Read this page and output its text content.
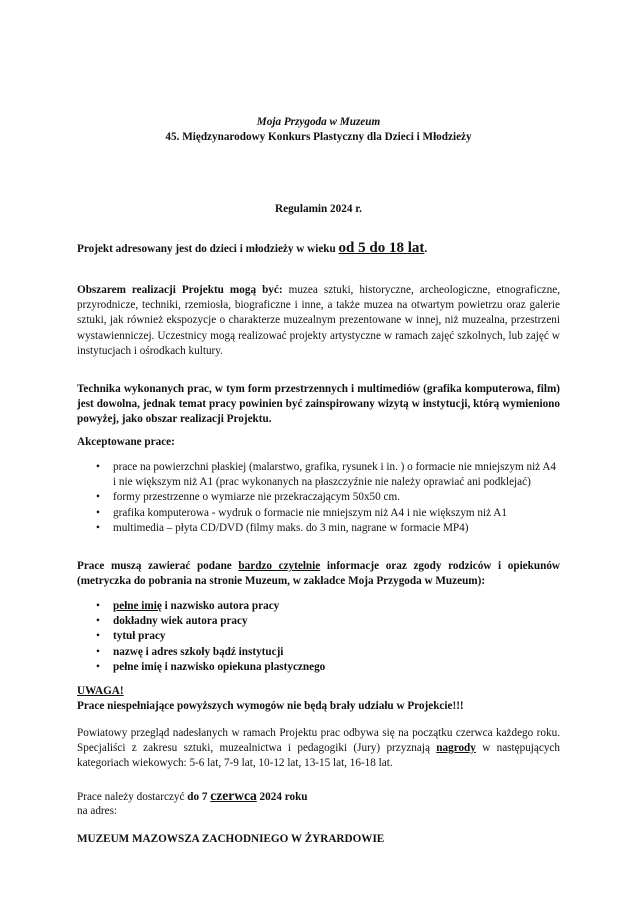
Moja Przygoda w Muzeum
45. Międzynarodowy Konkurs Plastyczny dla Dzieci i Młodzieży
Regulamin 2024 r.
Projekt adresowany jest do dzieci i młodzieży w wieku od 5 do 18 lat.
Obszarem realizacji Projektu mogą być: muzea sztuki, historyczne, archeologiczne, etnograficzne, przyrodnicze, techniki, rzemiosła, biograficzne i inne, a także muzea na otwartym powietrzu oraz galerie sztuki, jak również ekspozycje o charakterze muzealnym prezentowane w innej, niż muzealna, przestrzeni wystawienniczej. Uczestnicy mogą realizować projekty artystyczne w ramach zajęć szkolnych, lub zajęć w instytucjach i ośrodkach kultury.
Technika wykonanych prac, w tym form przestrzennych i multimediów (grafika komputerowa, film) jest dowolna, jednak temat pracy powinien być zainspirowany wizytą w instytucji, którą wymieniono powyżej, jako obszar realizacji Projektu.
Akceptowane prace:
•	prace na powierzchni płaskiej (malarstwo, grafika, rysunek i in. ) o formacie nie mniejszym niż A4 i nie większym niż A1 (prac wykonanych na płaszczyźnie nie należy oprawiać ani podklejać)
•	formy przestrzenne o wymiarze nie przekraczającym 50x50 cm.
•	grafika komputerowa - wydruk o formacie nie mniejszym niż A4 i nie większym niż A1
•	multimedia – płyta CD/DVD (filmy maks. do 3 min, nagrane w formacie MP4)
Prace muszą zawierać podane bardzo czytelnie informacje oraz zgody rodziców i opiekunów (metryczka do pobrania na stronie Muzeum, w zakładce Moja Przygoda w Muzeum):
•	pełne imię i nazwisko autora pracy
•	dokładny wiek autora pracy
•	tytuł pracy
•	nazwę i adres szkoły bądź instytucji
•	pełne imię i nazwisko opiekuna plastycznego
UWAGA!
Prace niespełniające powyższych wymogów nie będą brały udziału w Projekcie!!!
Powiatowy przegląd nadesłanych w ramach Projektu prac odbywa się na początku czerwca każdego roku. Specjaliści z zakresu sztuki, muzealnictwa i pedagogiki (Jury) przyznają nagrody w następujących kategoriach wiekowych: 5-6 lat, 7-9 lat, 10-12 lat, 13-15 lat, 16-18 lat.
Prace należy dostarczyć do 7 czerwca 2024 roku
na adres:
MUZEUM MAZOWSZA ZACHODNIEGO W ŻYRARDOWIE
